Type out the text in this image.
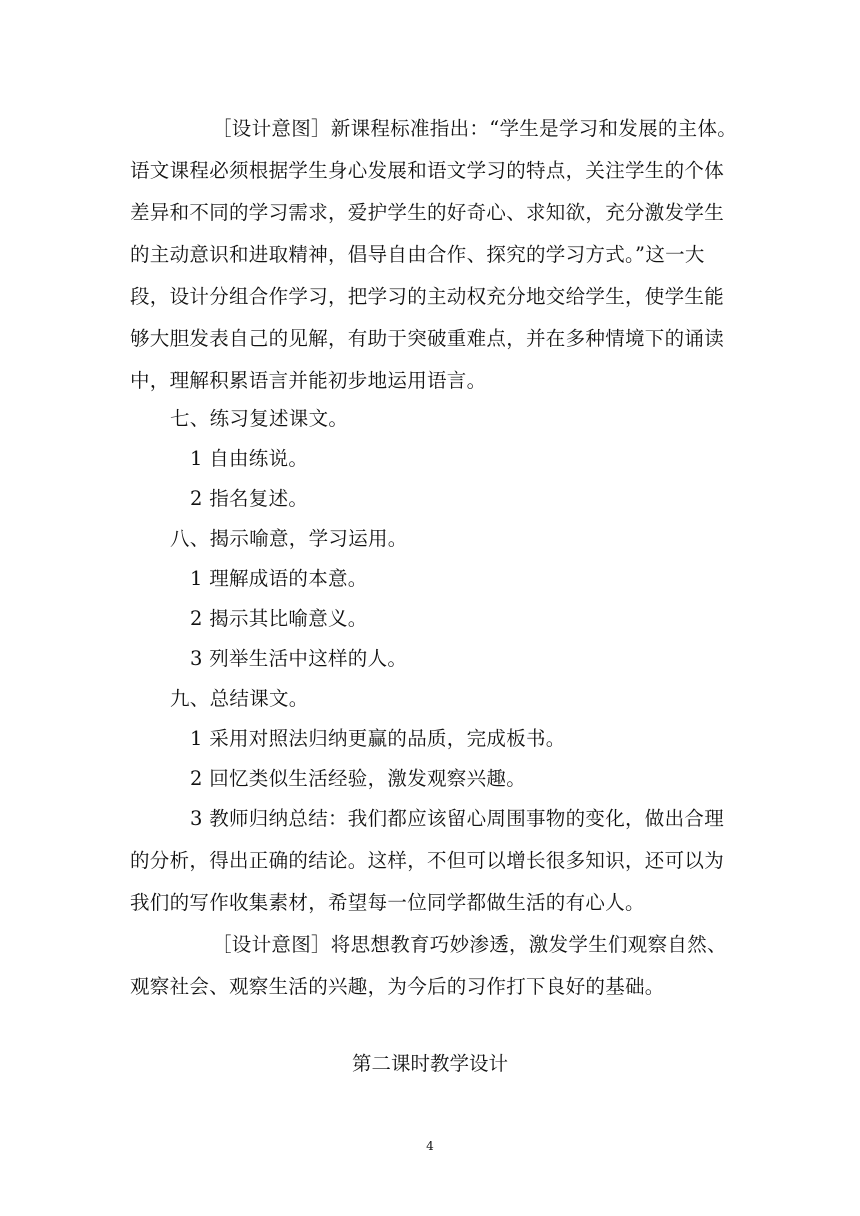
［设计意图］新课程标准指出：“学生是学习和发展的主体。
语文课程必须根据学生身心发展和语文学习的特点，关注学生的个体
差异和不同的学习需求，爱护学生的好奇心、求知欲，充分激发学生
的主动意识和进取精神，倡导自由合作、探究的学习方式。”这一大
段，设计分组合作学习，把学习的主动权充分地交给学生，使学生能
够大胆发表自己的见解，有助于突破重难点，并在多种情境下的诵读
中，理解积累语言并能初步地运用语言。
七、练习复述课文。
1 自由练说。
2 指名复述。
八、揭示喻意，学习运用。
1 理解成语的本意。
2 揭示其比喻意义。
3 列举生活中这样的人。
九、总结课文。
1 采用对照法归纳更赢的品质，完成板书。
2 回忆类似生活经验，激发观察兴趣。
3 教师归纳总结：我们都应该留心周围事物的变化，做出合理
的分析，得出正确的结论。这样，不但可以增长很多知识，还可以为
我们的写作收集素材，希望每一位同学都做生活的有心人。
［设计意图］将思想教育巧妙渗透，激发学生们观察自然、
观察社会、观察生活的兴趣，为今后的习作打下良好的基础。
第二课时教学设计
4
